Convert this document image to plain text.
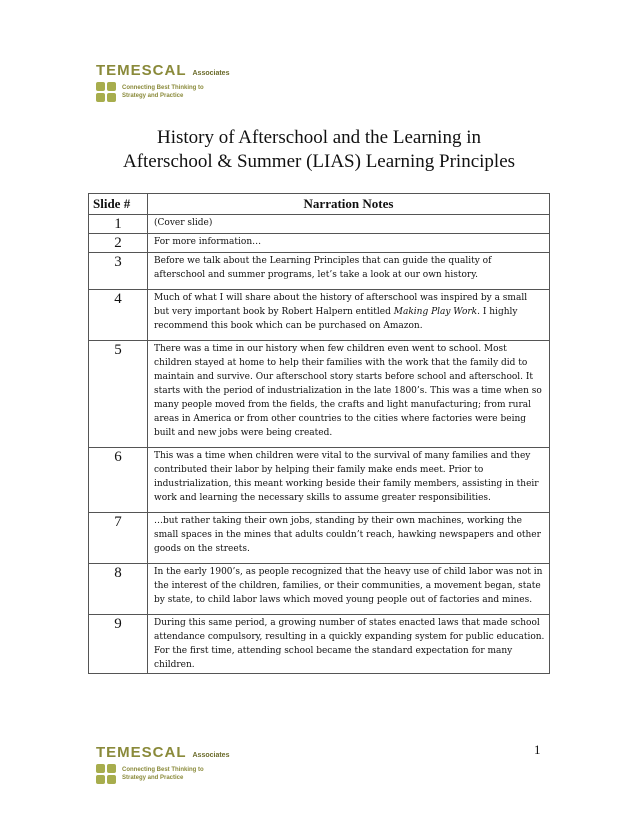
TEMESCAL Associates
Connecting Best Thinking to
Strategy and Practice
History of Afterschool and the Learning in
Afterschool & Summer (LIAS) Learning Principles
Slide #	Narration Notes
1	(Cover slide)
2	For more information…
3	Before we talk about the Learning Principles that can guide the quality of afterschool and summer programs, let’s take a look at our own history.
4	Much of what I will share about the history of afterschool was inspired by a small but very important book by Robert Halpern entitled Making Play Work. I highly recommend this book which can be purchased on Amazon.
5	There was a time in our history when few children even went to school. Most children stayed at home to help their families with the work that the family did to maintain and survive. Our afterschool story starts before school and afterschool. It starts with the period of industrialization in the late 1800’s. This was a time when so many people moved from the fields, the crafts and light manufacturing; from rural areas in America or from other countries to the cities where factories were being built and new jobs were being created.
6	This was a time when children were vital to the survival of many families and they contributed their labor by helping their family make ends meet. Prior to industrialization, this meant working beside their family members, assisting in their work and learning the necessary skills to assume greater responsibilities.
7	…but rather taking their own jobs, standing by their own machines, working the small spaces in the mines that adults couldn’t reach, hawking newspapers and other goods on the streets.
8	In the early 1900’s, as people recognized that the heavy use of child labor was not in the interest of the children, families, or their communities, a movement began, state by state, to child labor laws which moved young people out of factories and mines.
9	During this same period, a growing number of states enacted laws that made school attendance compulsory, resulting in a quickly expanding system for public education. For the first time, attending school became the standard expectation for many children.
1
TEMESCAL Associates
Connecting Best Thinking to
Strategy and Practice
